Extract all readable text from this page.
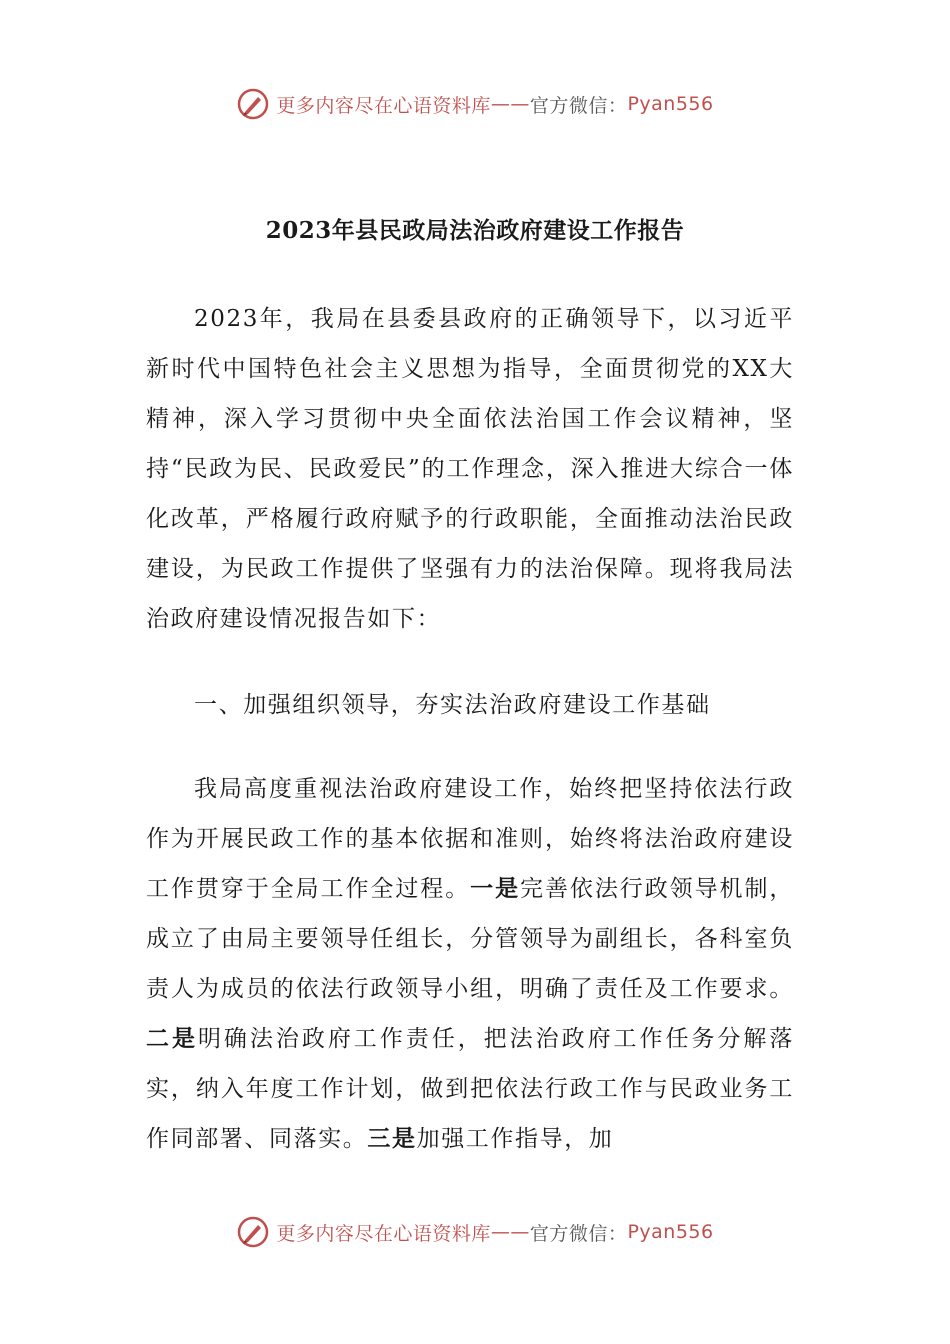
更多内容尽在心语资料库 —— 官方微信： Pyan556
2023年县民政局法治政府建设工作报告
2023年，我局在县委县政府的正确领导下，以习近平新时代中国特色社会主义思想为指导，全面贯彻党的XX大精神，深入学习贯彻中央全面依法治国工作会议精神，坚持“民政为民、民政爱民”的工作理念，深入推进大综合一体化改革，严格履行政府赋予的行政职能，全面推动法治民政建设，为民政工作提供了坚强有力的法治保障。现将我局法治政府建设情况报告如下：
一、加强组织领导，夯实法治政府建设工作基础
我局高度重视法治政府建设工作，始终把坚持依法行政作为开展民政工作的基本依据和准则，始终将法治政府建设工作贯穿于全局工作全过程。一是完善依法行政领导机制，成立了由局主要领导任组长，分管领导为副组长，各科室负责人为成员的依法行政领导小组，明确了责任及工作要求。二是明确法治政府工作责任，把法治政府工作任务分解落实，纳入年度工作计划，做到把依法行政工作与民政业务工作同部署、同落实。三是加强工作指导，加
更多内容尽在心语资料库 —— 官方微信： Pyan556
